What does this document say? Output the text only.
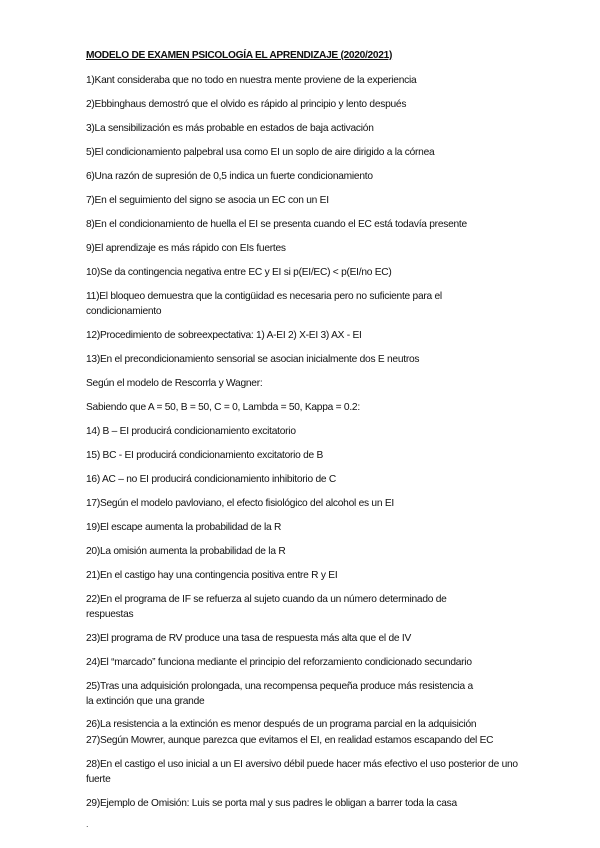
MODELO DE EXAMEN PSICOLOGÍA EL APRENDIZAJE (2020/2021)
1)Kant consideraba que no todo en nuestra mente proviene de la experiencia
2)Ebbinghaus demostró que el olvido es rápido al principio y lento después
3)La sensibilización es más probable en estados de baja activación
5)El condicionamiento palpebral usa como EI un soplo de aire dirigido a la córnea
6)Una razón de supresión de 0,5 indica un fuerte condicionamiento
7)En el seguimiento del signo se asocia un EC con un EI
8)En el condicionamiento de huella el EI se presenta cuando el EC está todavía presente
9)El aprendizaje es más rápido con EIs fuertes
10)Se da contingencia negativa entre EC y EI si p(EI/EC) < p(EI/no EC)
11)El bloqueo demuestra que la contigüidad es necesaria pero no suficiente para el
condicionamiento
12)Procedimiento de sobreexpectativa: 1) A-EI 2) X-EI 3) AX - EI
13)En el precondicionamiento sensorial se asocian inicialmente dos E neutros
Según el modelo de Rescorrla y Wagner:
Sabiendo que A = 50, B = 50, C = 0, Lambda = 50, Kappa = 0.2:
14) B – EI producirá condicionamiento excitatorio
15) BC - EI producirá condicionamiento excitatorio de B
16) AC – no EI producirá condicionamiento inhibitorio de C
17)Según el modelo pavloviano, el efecto fisiológico del alcohol es un EI
19)El escape aumenta la probabilidad de la R
20)La omisión aumenta la probabilidad de la R
21)En el castigo hay una contingencia positiva entre R y EI
22)En el programa de IF se refuerza al sujeto cuando da un número determinado de
respuestas
23)El programa de RV produce una tasa de respuesta más alta que el de IV
24)El “marcado” funciona mediante el principio del reforzamiento condicionado secundario
25)Tras una adquisición prolongada, una recompensa pequeña produce más resistencia a
la extinción que una grande
26)La resistencia a la extinción es menor después de un programa parcial en la adquisición
27)Según Mowrer, aunque parezca que evitamos el EI, en realidad estamos escapando del EC
28)En el castigo el uso inicial a un EI aversivo débil puede hacer más efectivo el uso posterior de uno
fuerte
29)Ejemplo de Omisión: Luis se porta mal y sus padres le obligan a barrer toda la casa
.
